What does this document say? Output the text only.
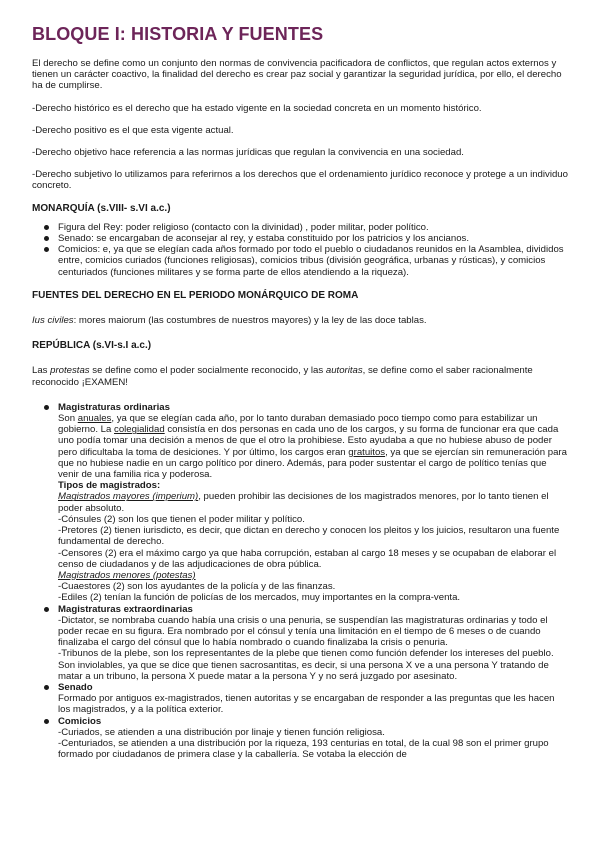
BLOQUE I: HISTORIA Y FUENTES

El derecho se define como un conjunto den normas de convivencia pacificadora de conflictos, que regulan actos externos y tienen un carácter coactivo, la finalidad del derecho es crear paz social y garantizar la seguridad jurídica, por ello, el derecho ha de cumplirse.

-Derecho histórico es el derecho que ha estado vigente en la sociedad concreta en un momento histórico.

-Derecho positivo es el que esta vigente actual.

-Derecho objetivo hace referencia a las normas jurídicas que regulan la convivencia en una sociedad.

-Derecho subjetivo lo utilizamos para referirnos a los derechos que el ordenamiento jurídico reconoce y protege a un individuo concreto.

MONARQUÍA (s.VIII- s.VI a.c.)
Figura del Rey: poder religioso (contacto con la divinidad) , poder militar, poder político.
Senado: se encargaban de aconsejar al rey, y estaba constituido por los patricios y los ancianos.
Comicios: e, ya que se elegían cada años formado por todo el pueblo o ciudadanos reunidos en la Asamblea, divididos entre, comicios curiados (funciones religiosas), comicios tribus (división geográfica, urbanas y rústicas), y comicios centuriados (funciones militares y se forma parte de ellos atendiendo a la riqueza).
FUENTES DEL DERECHO EN EL PERIODO MONÁRQUICO DE ROMA

Ius civiles: mores maiorum (las costumbres de nuestros mayores) y la ley de las doce tablas.

REPÚBLICA (s.VI-s.I a.c.)

Las protestas se define como el poder socialmente reconocido, y las autoritas, se define como el saber racionalmente reconocido ¡EXAMEN!

Magistraturas ordinarias
Son anuales, ya que se elegían cada año, por lo tanto duraban demasiado poco tiempo como para estabilizar un gobierno. La colegialidad consistía en dos personas en cada uno de los cargos, y su forma de funcionar era que cada uno podía tomar una decisión a menos de que el otro la prohibiese. Esto ayudaba a que no hubiese abuso de poder pero dificultaba la toma de desiciones. Y por último, los cargos eran gratuitos, ya que se ejercían sin remuneración para que no hubiese nadie en un cargo político por dinero. Además, para poder sustentar el cargo de político tenías que venir de una familia rica y poderosa.
Tipos de magistrados:
Magistrados mayores (imperium), pueden prohibir las decisiones de los magistrados menores, por lo tanto tienen el poder absoluto.
-Cónsules (2) son los que tienen el poder militar y político.
-Pretores (2) tienen iurisdicto, es decir, que dictan en derecho y conocen los pleitos y los juicios, resultaron una fuente fundamental de derecho.
-Censores (2) era el máximo cargo ya que haba corrupción, estaban al cargo 18 meses y se ocupaban de elaborar el censo de ciudadanos y de las adjudicaciones de obra pública.
Magistrados menores (potestas)
-Cuaestores (2) son los ayudantes de la policía y de las finanzas.
-Ediles (2) tenían la función de policías de los mercados, muy importantes en la compra-venta.
Magistraturas extraordinarias
-Dictator, se nombraba cuando había una crisis o una penuria, se suspendían las magistraturas ordinarias y todo el poder recae en su figura. Era nombrado por el cónsul y tenía una limitación en el tiempo de 6 meses o de cuando finalizaba el cargo del cónsul que lo había nombrado o cuando finalizaba la crisis o penuria.
-Tribunos de la plebe, son los representantes de la plebe que tienen como función defender los intereses del pueblo. Son inviolables, ya que se dice que tienen sacrosantitas, es decir, si una persona X ve a una persona Y tratando de matar a un tribuno, la persona X puede matar a la persona Y y no será juzgado por asesinato.
Senado
Formado por antiguos ex-magistrados, tienen autoritas y se encargaban de responder a las preguntas que les hacen los magistrados, y a la política exterior.
Comicios
-Curiados, se atienden a una distribución por linaje y tienen función religiosa.
-Centuriados, se atienden a una distribución por la riqueza, 193 centurias en total, de la cual 98 son el primer grupo formado por ciudadanos de primera clase y la caballería. Se votaba la elección de
